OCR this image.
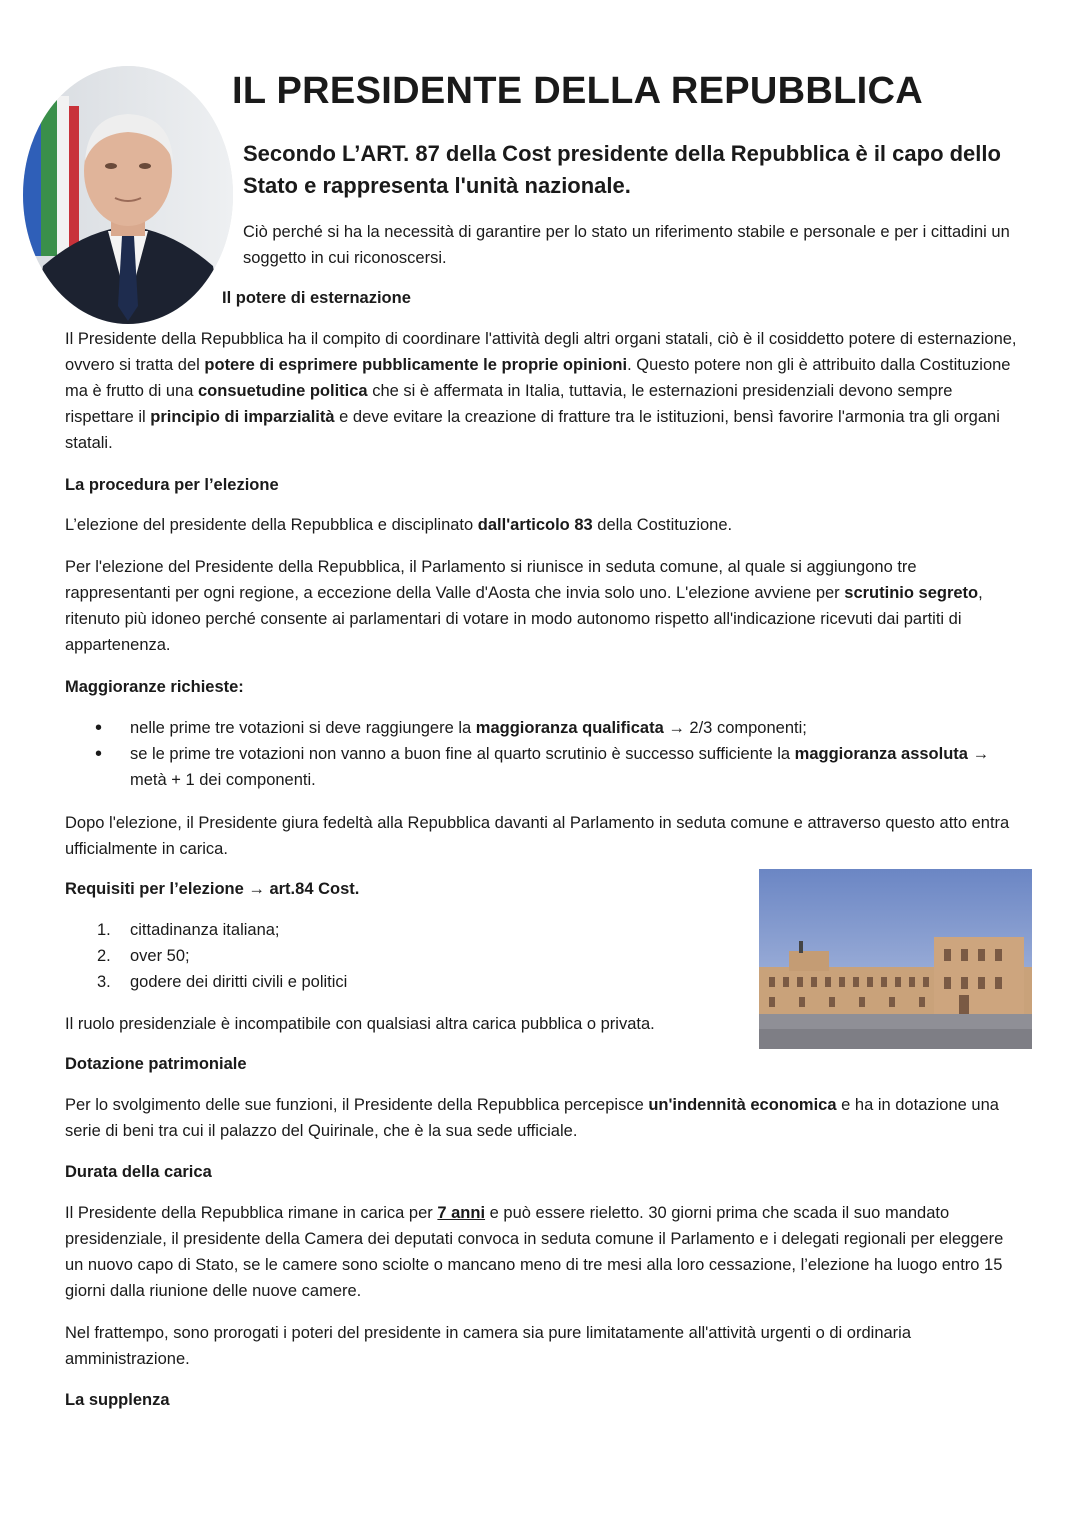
IL PRESIDENTE DELLA REPUBBLICA
Secondo L’ART. 87 della Cost presidente della Repubblica è il capo dello Stato e rappresenta l'unità nazionale.

Ciò perché si ha la necessità di garantire per lo stato un riferimento stabile e personale e per i cittadini un soggetto in cui riconoscersi.

Il potere di esternazione

Il Presidente della Repubblica ha il compito di coordinare l'attività degli altri organi statali, ciò è il cosiddetto potere di esternazione, ovvero si tratta del potere di esprimere pubblicamente le proprie opinioni. Questo potere non gli è attribuito dalla Costituzione ma è frutto di una consuetudine politica che si è affermata in Italia, tuttavia, le esternazioni presidenziali devono sempre rispettare il principio di imparzialità e deve evitare la creazione di fratture tra le istituzioni, bensì favorire l'armonia tra gli organi statali.

La procedura per l’elezione

L’elezione del presidente della Repubblica e disciplinato dall'articolo 83 della Costituzione.

Per l'elezione del Presidente della Repubblica, il Parlamento si riunisce in seduta comune, al quale si aggiungono tre rappresentanti per ogni regione, a eccezione della Valle d'Aosta che invia solo uno. L'elezione avviene per scrutinio segreto, ritenuto più idoneo perché consente ai parlamentari di votare in modo autonomo rispetto all'indicazione ricevuti dai partiti di appartenenza.

Maggioranze richieste:

• nelle prime tre votazioni si deve raggiungere la maggioranza qualificata → 2/3 componenti;
• se le prime tre votazioni non vanno a buon fine al quarto scrutinio è successo sufficiente la maggioranza assoluta → metà + 1 dei componenti.

Dopo l'elezione, il Presidente giura fedeltà alla Repubblica davanti al Parlamento in seduta comune e attraverso questo atto entra ufficialmente in carica.

Requisiti per l’elezione → art.84 Cost.

1. cittadinanza italiana;
2. over 50;
3. godere dei diritti civili e politici

Il ruolo presidenziale è incompatibile con qualsiasi altra carica pubblica o privata.

Dotazione patrimoniale

Per lo svolgimento delle sue funzioni, il Presidente della Repubblica percepisce un'indennità economica e ha in dotazione una serie di beni tra cui il palazzo del Quirinale, che è la sua sede ufficiale.

Durata della carica

Il Presidente della Repubblica rimane in carica per 7 anni e può essere rieletto. 30 giorni prima che scada il suo mandato presidenziale, il presidente della Camera dei deputati convoca in seduta comune il Parlamento e i delegati regionali per eleggere un nuovo capo di Stato, se le camere sono sciolte o mancano meno di tre mesi alla loro cessazione, l’elezione ha luogo entro 15 giorni dalla riunione delle nuove camere.

Nel frattempo, sono prorogati i poteri del presidente in camera sia pure limitatamente all'attività urgenti o di ordinaria amministrazione.

La supplenza
